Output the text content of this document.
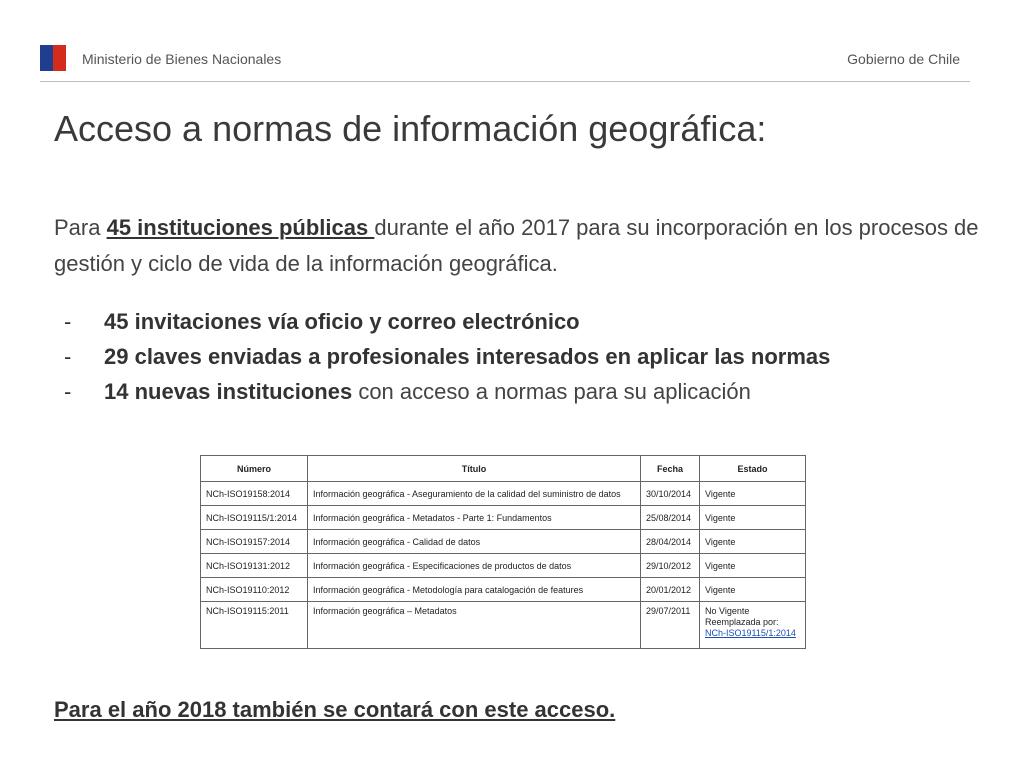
Ministerio de Bienes Nacionales	Gobierno de Chile
Acceso a normas de información geográfica:
Para 45 instituciones públicas durante el año 2017 para su incorporación en los procesos de gestión y ciclo de vida de la información geográfica.
- 45 invitaciones vía oficio y correo electrónico
- 29 claves enviadas a profesionales interesados en aplicar las normas
- 14 nuevas instituciones con acceso a normas para su aplicación
Número	Título	Fecha	Estado
NCh-ISO19158:2014	Información geográfica - Aseguramiento de la calidad del suministro de datos	30/10/2014	Vigente
NCh-ISO19115/1:2014	Información geográfica - Metadatos - Parte 1: Fundamentos	25/08/2014	Vigente
NCh-ISO19157:2014	Información geográfica - Calidad de datos	28/04/2014	Vigente
NCh-ISO19131:2012	Información geográfica - Especificaciones de productos de datos	29/10/2012	Vigente
NCh-ISO19110:2012	Información geográfica - Metodología para catalogación de features	20/01/2012	Vigente
NCh-ISO19115:2011	Información geográfica – Metadatos	29/07/2011	No Vigente
Reemplazada por:
NCh-ISO19115/1:2014
Para el año 2018 también se contará con este acceso.
